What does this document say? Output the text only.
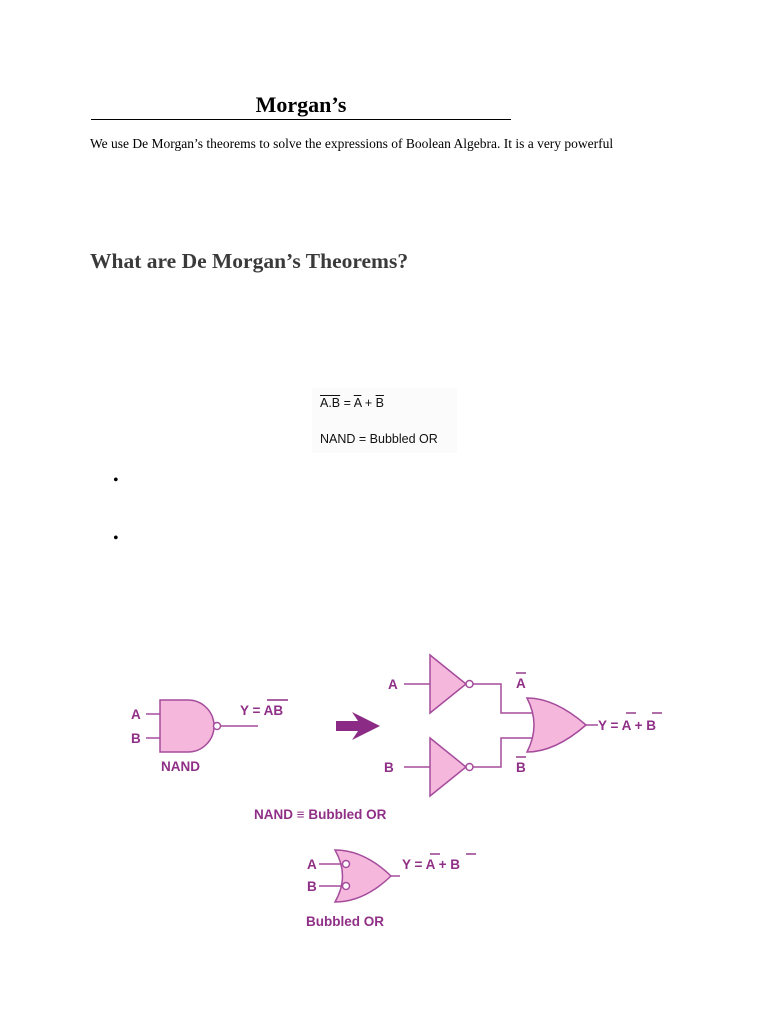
Morgan’s
We use De Morgan’s theorems to solve the expressions of Boolean Algebra. It is a very powerful
What are De Morgan’s Theorems?
$A.B = \overline{A} + \overline{B}$
NAND = Bubbled OR
•
•
A
B
Y = AB
NAND
A
B
A
B
Y = A + B
NAND ≡ Bubbled OR
A
B
Y = A + B
Bubbled OR
